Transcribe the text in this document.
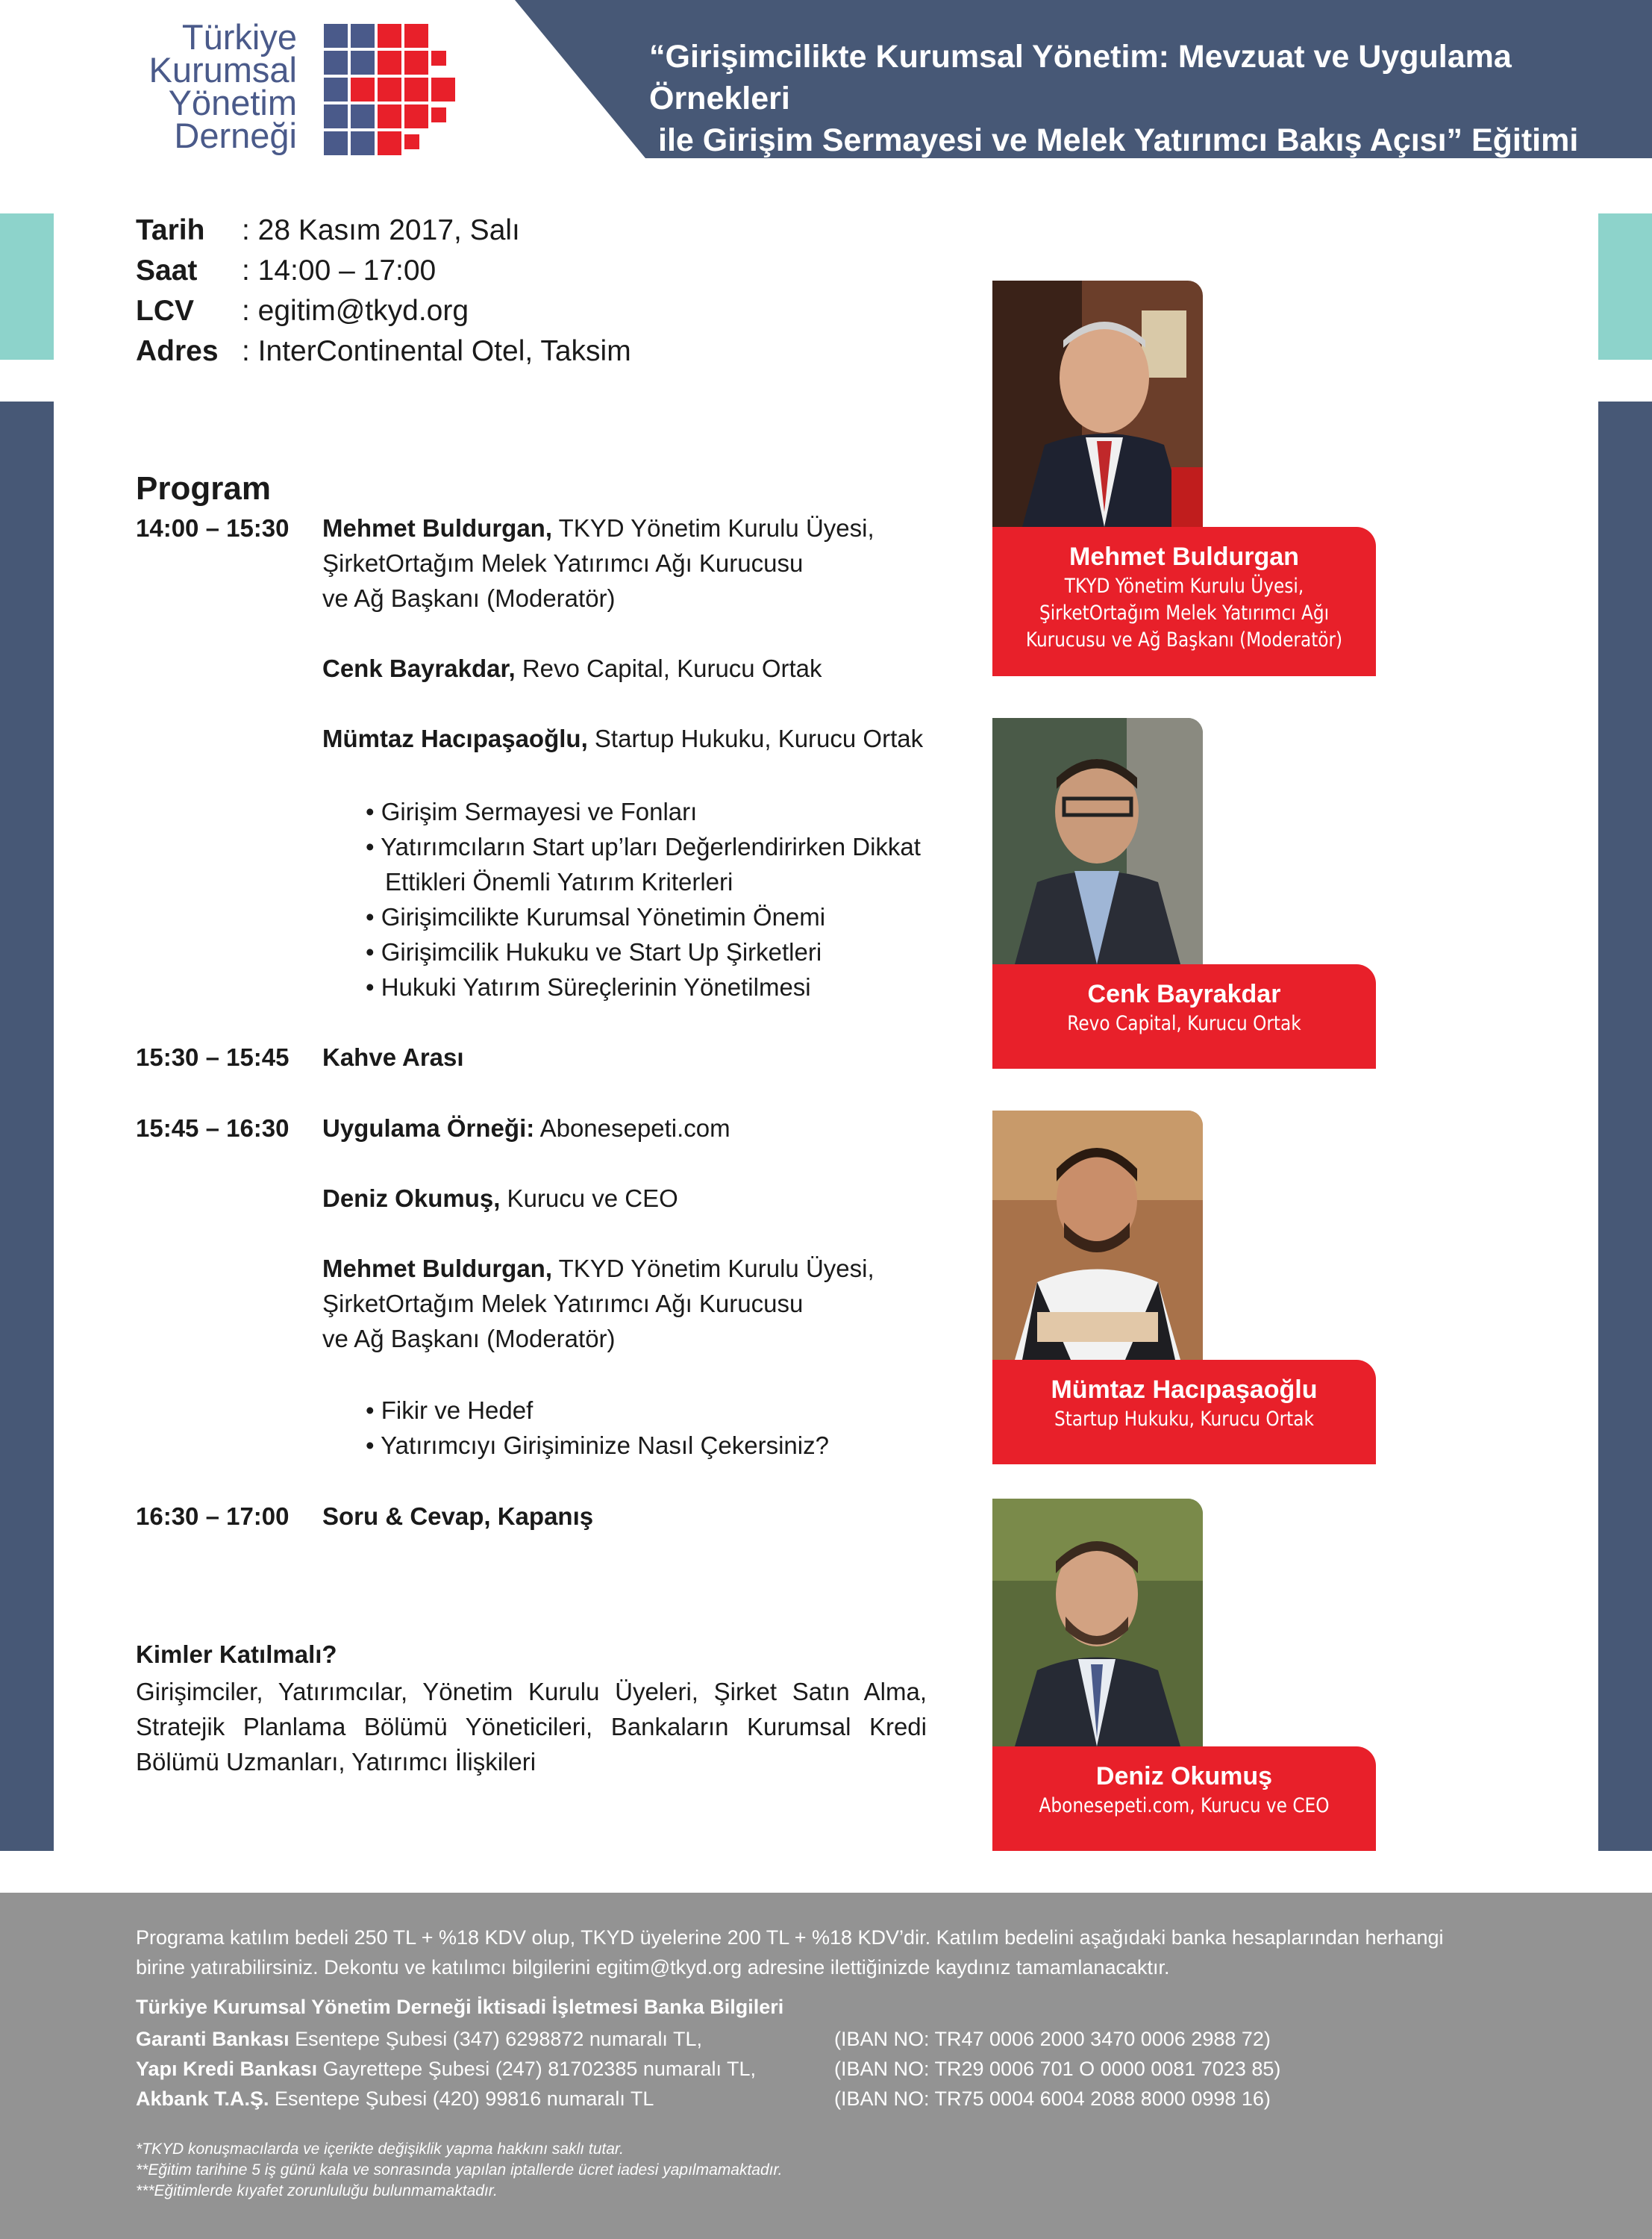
Türkiye
Kurumsal
Yönetim
Derneği
“Girişimcilikte Kurumsal Yönetim: Mevzuat ve Uygulama Örnekleri
ile Girişim Sermayesi ve Melek Yatırımcı Bakış Açısı” Eğitimi
Tarih	: 28 Kasım 2017, Salı
Saat	: 14:00 – 17:00
LCV	: egitim@tkyd.org
Adres : InterContinental Otel, Taksim
Program
14:00 – 15:30 Mehmet Buldurgan, TKYD Yönetim Kurulu Üyesi,
ŞirketOrtağım Melek Yatırımcı Ağı Kurucusu
ve Ağ Başkanı (Moderatör)
Cenk Bayrakdar, Revo Capital, Kurucu Ortak
Mümtaz Hacıpaşaoğlu, Startup Hukuku, Kurucu Ortak
• Girişim Sermayesi ve Fonları
• Yatırımcıların Start up’ları Değerlendirirken Dikkat
Ettikleri Önemli Yatırım Kriterleri
• Girişimcilikte Kurumsal Yönetimin Önemi
• Girişimcilik Hukuku ve Start Up Şirketleri
• Hukuki Yatırım Süreçlerinin Yönetilmesi
15:30 – 15:45 Kahve Arası
15:45 – 16:30 Uygulama Örneği: Abonesepeti.com
Deniz Okumuş, Kurucu ve CEO
Mehmet Buldurgan, TKYD Yönetim Kurulu Üyesi,
ŞirketOrtağım Melek Yatırımcı Ağı Kurucusu
ve Ağ Başkanı (Moderatör)
• Fikir ve Hedef
• Yatırımcıyı Girişiminize Nasıl Çekersiniz?
16:30 – 17:00 Soru & Cevap, Kapanış
Kimler Katılmalı?
Girişimciler, Yatırımcılar, Yönetim Kurulu Üyeleri, Şirket Satın Alma, Stratejik Planlama Bölümü Yöneticileri, Bankaların Kurumsal Kredi Bölümü Uzmanları, Yatırımcı İlişkileri
Mehmet Buldurgan
TKYD Yönetim Kurulu Üyesi,
ŞirketOrtağım Melek Yatırımcı Ağı
Kurucusu ve Ağ Başkanı (Moderatör)
Cenk Bayrakdar
Revo Capital, Kurucu Ortak
Mümtaz Hacıpaşaoğlu
Startup Hukuku, Kurucu Ortak
Deniz Okumuş
Abonesepeti.com, Kurucu ve CEO
Programa katılım bedeli 250 TL + %18 KDV olup, TKYD üyelerine 200 TL + %18 KDV’dir. Katılım bedelini aşağıdaki banka hesaplarından herhangi
birine yatırabilirsiniz. Dekontu ve katılımcı bilgilerini egitim@tkyd.org adresine ilettiğinizde kaydınız tamamlanacaktır.
Türkiye Kurumsal Yönetim Derneği İktisadi İşletmesi Banka Bilgileri
Garanti Bankası Esentepe Şubesi (347) 6298872 numaralı TL,	(IBAN NO: TR47 0006 2000 3470 0006 2988 72)
Yapı Kredi Bankası Gayrettepe Şubesi (247) 81702385 numaralı TL,	(IBAN NO: TR29 0006 701 O 0000 0081 7023 85)
Akbank T.A.Ş. Esentepe Şubesi (420) 99816 numaralı TL	(IBAN NO: TR75 0004 6004 2088 8000 0998 16)
*TKYD konuşmacılarda ve içerikte değişiklik yapma hakkını saklı tutar.
**Eğitim tarihine 5 iş günü kala ve sonrasında yapılan iptallerde ücret iadesi yapılmamaktadır.
***Eğitimlerde kıyafet zorunluluğu bulunmamaktadır.
